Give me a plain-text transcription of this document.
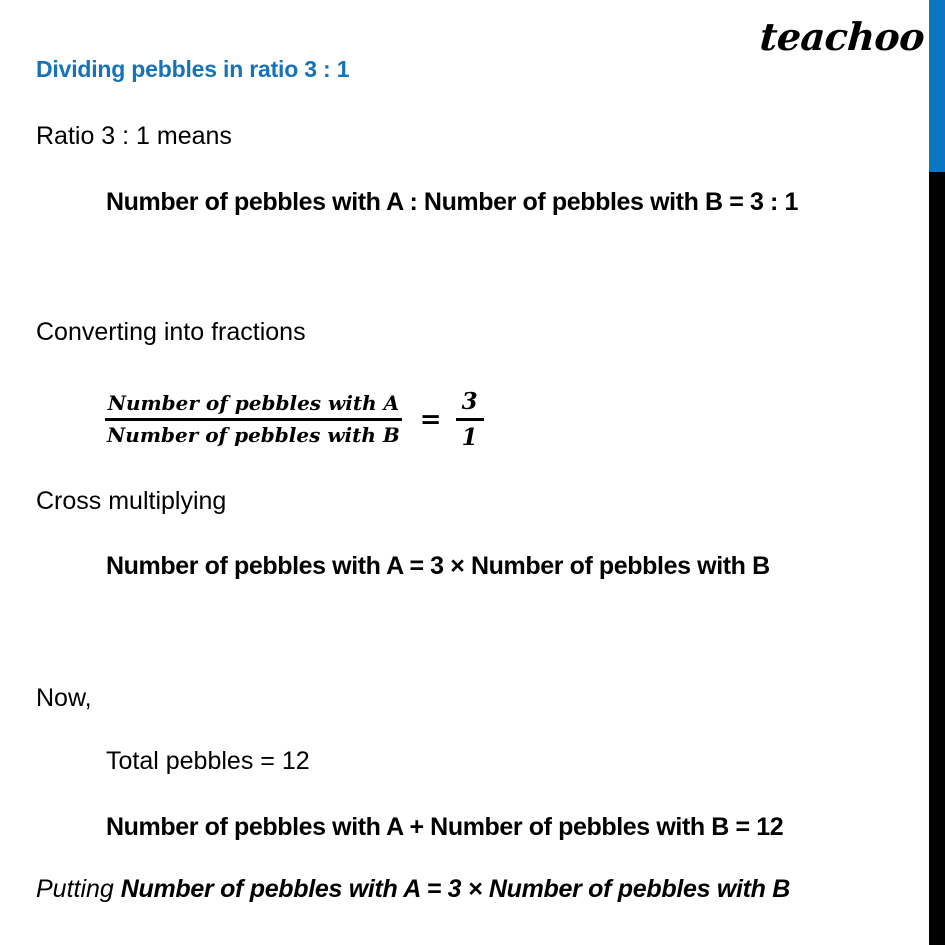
teachoo
Dividing pebbles in ratio 3 : 1
Ratio 3 : 1 means
Number of pebbles with A : Number of pebbles with B = 3 : 1
Converting into fractions
$\frac{\text{Number of pebbles with A}}{\text{Number of pebbles with B}} = \frac{3}{1}$
Cross multiplying
Number of pebbles with A = 3 × Number of pebbles with B
Now,
Total pebbles = 12
Number of pebbles with A + Number of pebbles with B = 12
Putting Number of pebbles with A = 3 × Number of pebbles with B
